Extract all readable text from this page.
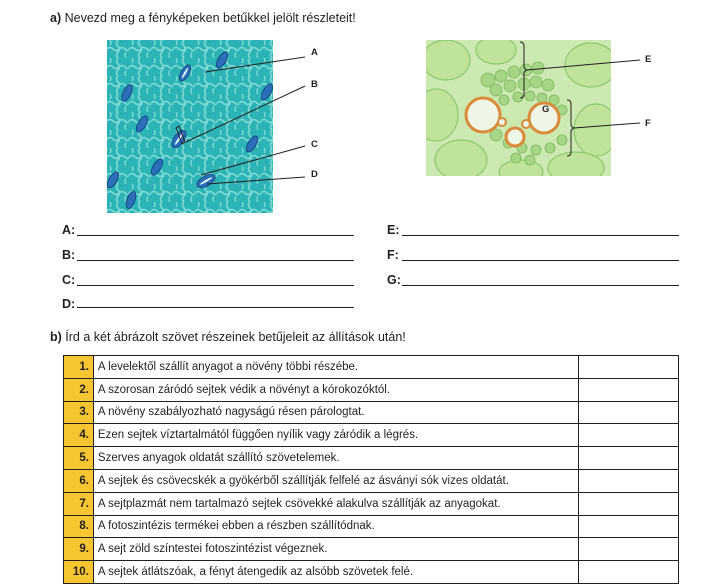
a) Nevezd meg a fényképeken betűkkel jelölt részleteit!
A
B
C
D
E
F
G
A:
B:
C:
D:
E:
F:
G:
b) Írd a két ábrázolt szövet részeinek betűjeleit az állítások után!
1.	A levelektől szállít anyagot a növény többi részébe.	
2.	A szorosan záródó sejtek védik a növényt a kórokozóktól.	
3.	A növény szabályozható nagyságú résen párologtat.	
4.	Ezen sejtek víztartalmától függően nyílik vagy záródik a légrés.	
5.	Szerves anyagok oldatát szállító szövetelemek.	
6.	A sejtek és csövecskék a gyökérből szállítják felfelé az ásványi sók vizes oldatát.	
7.	A sejtplazmát nem tartalmazó sejtek csövekké alakulva szállítják az anyagokat.	
8.	A fotoszintézis termékei ebben a részben szállítódnak.	
9.	A sejt zöld színtestei fotoszintézist végeznek.	
10.	A sejtek átlátszóak, a fényt átengedik az alsóbb szövetek felé.	
